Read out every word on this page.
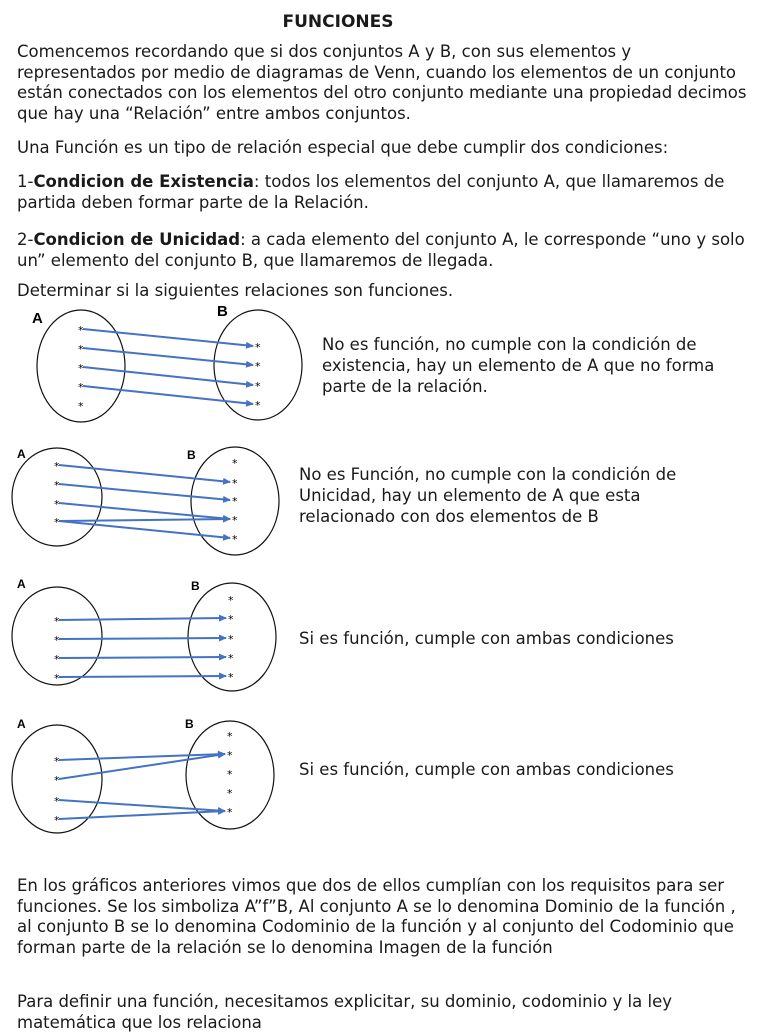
FUNCIONES
Comencemos recordando que si dos conjuntos A y B, con sus elementos y representados por medio de diagramas de Venn, cuando los elementos de un conjunto están conectados con los elementos del otro conjunto mediante una propiedad decimos que hay una “Relación” entre ambos conjuntos.
Una Función es un tipo de relación especial que debe cumplir dos condiciones:
1-Condicion de Existencia: todos los elementos del conjunto A, que llamaremos de partida deben formar parte de la Relación.
2-Condicion de Unicidad: a cada elemento del conjunto A, le corresponde “uno y solo un” elemento del conjunto B, que llamaremos de llegada.
Determinar si la siguientes relaciones son funciones.
A	B
*
*
*
*
*
*
*
*
*
A	B
*
*
*
*
*
*
*
*
*
A	B
*
*
*
*
*
*
*
*
*
A	B
*
*
*
*
*
*
*
*
*
No es función, no cumple con la condición de existencia, hay un elemento de A que no forma parte de la relación.
No es Función, no cumple con la condición de Unicidad, hay un elemento de A que esta relacionado con dos elementos de B
Si es función, cumple con ambas condiciones
Si es función, cumple con ambas condiciones
En los gráficos anteriores vimos que dos de ellos cumplían con los requisitos para ser funciones. Se los simboliza A”f”B, Al conjunto A se lo denomina Dominio de la función , al conjunto B se lo denomina Codominio de la función y al conjunto del Codominio que forman parte de la relación se lo denomina Imagen de la función
Para definir una función, necesitamos explicitar, su dominio, codominio y la ley matemática que los relaciona
